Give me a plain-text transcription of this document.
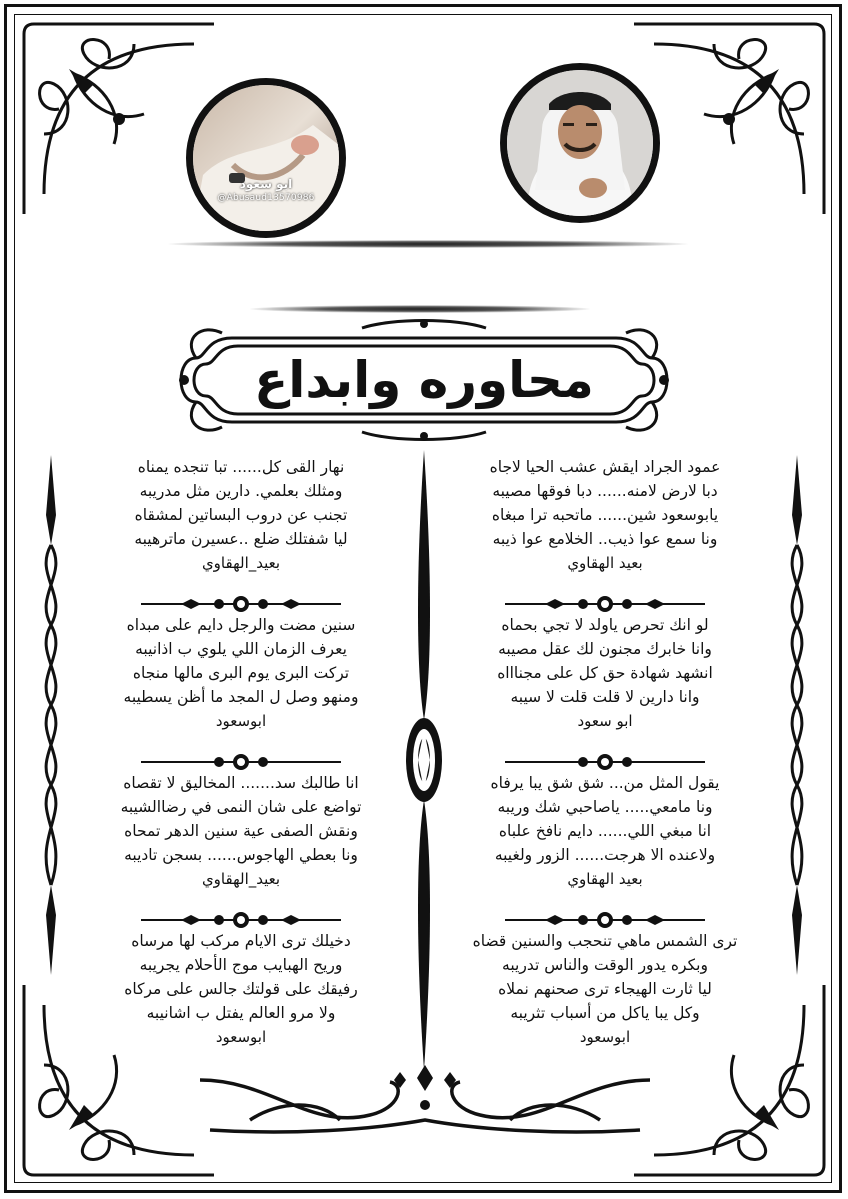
ابو سعود
@Abusaud13570986
محاوره وابداع
عمود الجراد ايقش عشب الحيا لاجاه
دبا لارض لامنه...... دبا فوقها مصيبه
يابوسعود شين...... ماتحبه ترا مبغاه
ونا سمع عوا ذيب.. الخلامع عوا ذيبه
بعيد الهقاوي
لو انك تحرص ياولد لا تجي بحماه
وانا خابرك مجنون لك عقل مصيبه
انشهد شهادة حق كل على مجناااه
وانا دارين لا قلت قلت لا سيبه
ابو سعود
يقول المثل من... شق شق يبا يرفاه
ونا مامعي..... ياصاحبي شك وريبه
انا مبغي اللي...... دايم نافخ علباه
ولاعنده الا هرجت...... الزور ولغيبه
بعيد الهقاوي
ترى الشمس ماهي تنحجب والسنين قضاه
وبكره يدور الوقت والناس تدريبه
ليا ثارت الهيجاء ترى صحنهم نملاه
وكل يبا ياكل من أسباب تثريبه
ابوسعود
نهار القى كل...... تبا تنجده يمناه
ومثلك بعلمي. دارين مثل مدريبه
تجنب عن دروب البساتين لمشقاه
ليا شفتلك ضلع ..عسيرن ماترهيبه
بعيد_الهقاوي
سنين مضت والرجل دايم على مبداه
يعرف الزمان اللي يلوي ب اذانيبه
تركت البرى يوم البرى مالها منجاه
ومنهو وصل ل المجد ما أظن يسطيبه
ابوسعود
انا طالبك سد....... المخاليق لا تقصاه
تواضع على شان النمى في رضاالشيبه
ونقش الصفى عية سنين الدهر تمحاه
ونا بعطي الهاجوس...... بسجن تاديبه
بعيد_الهقاوي
دخيلك ترى الايام مركب لها مرساه
وريح الهبايب موج الأحلام يجريبه
رفيقك على قولتك جالس على مركاه
ولا مرو العالم يفتل ب اشانيبه
ابوسعود
